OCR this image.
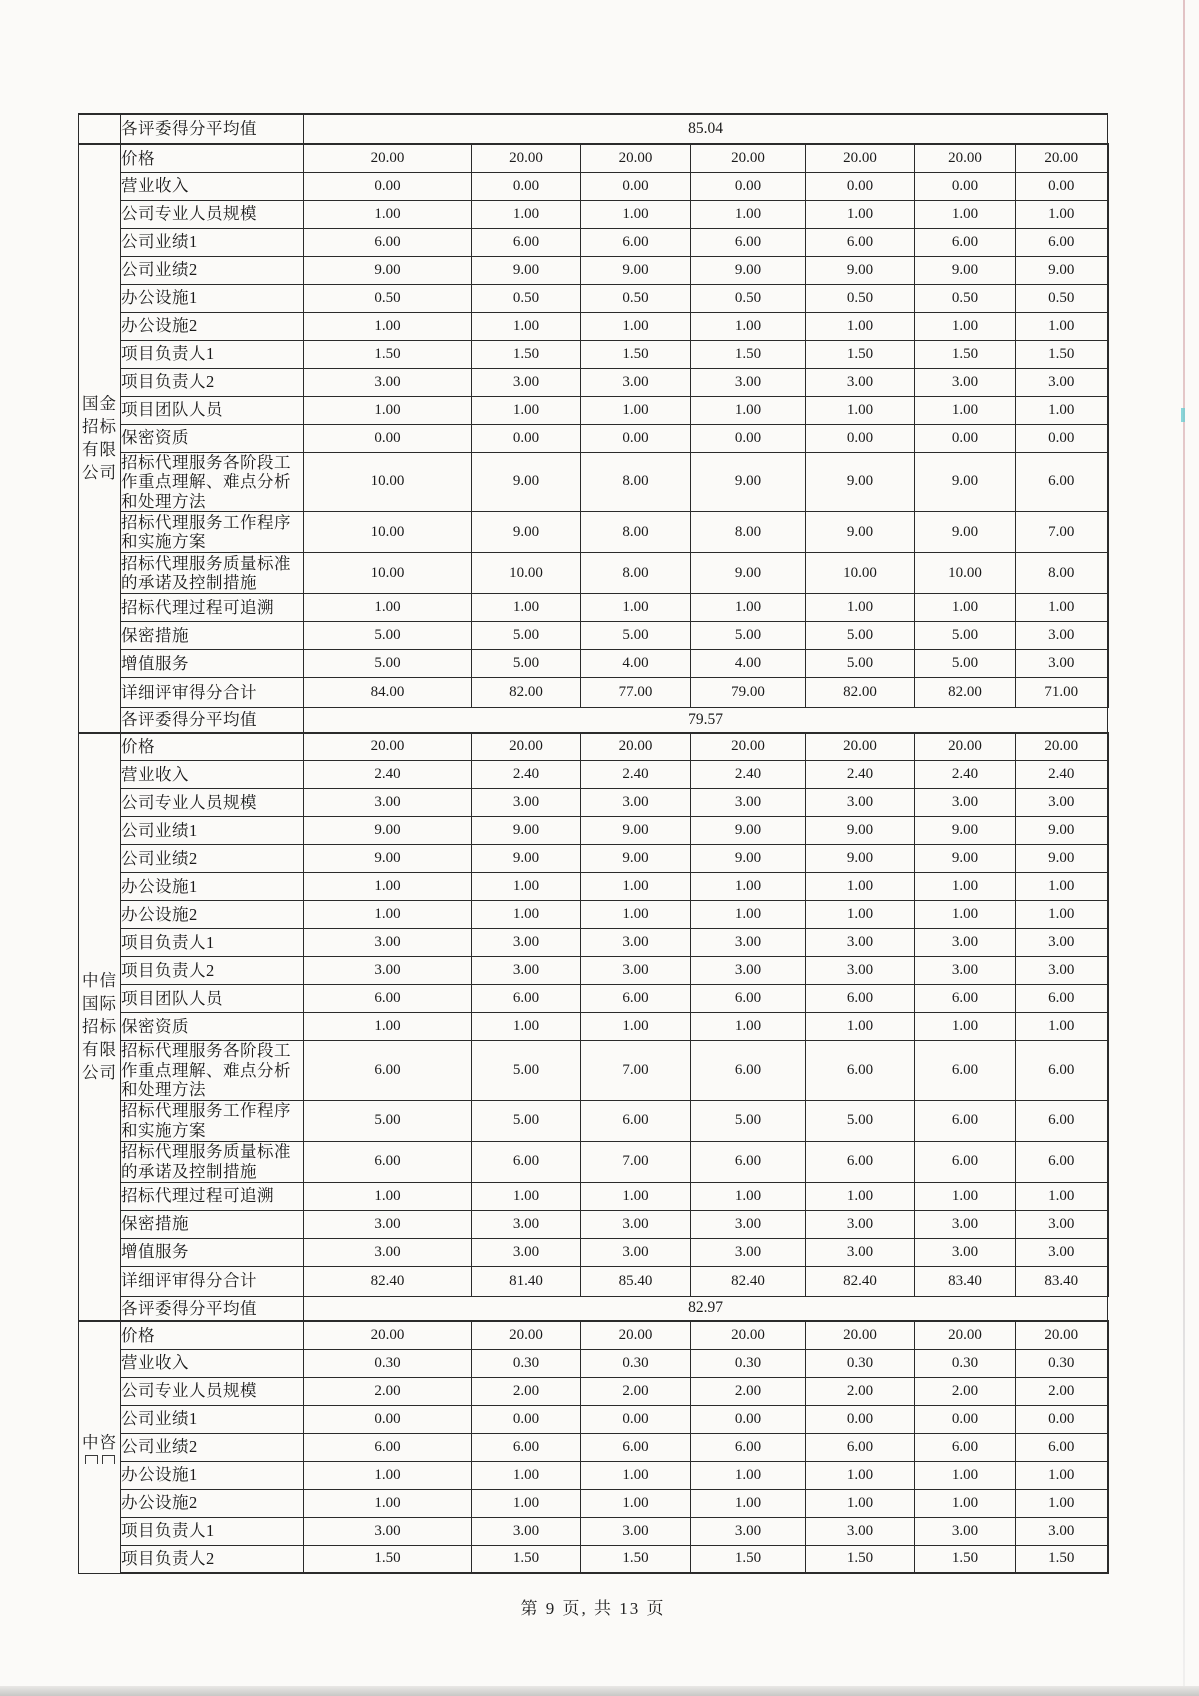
	各评委得分平均值	85.04						

国金
招标
有限
公司	价格	20.00	20.00	20.00	20.00	20.00	20.00	20.00
	营业收入	0.00	0.00	0.00	0.00	0.00	0.00	0.00
	公司专业人员规模	1.00	1.00	1.00	1.00	1.00	1.00	1.00
	公司业绩1	6.00	6.00	6.00	6.00	6.00	6.00	6.00
	公司业绩2	9.00	9.00	9.00	9.00	9.00	9.00	9.00
	办公设施1	0.50	0.50	0.50	0.50	0.50	0.50	0.50
	办公设施2	1.00	1.00	1.00	1.00	1.00	1.00	1.00
	项目负责人1	1.50	1.50	1.50	1.50	1.50	1.50	1.50
	项目负责人2	3.00	3.00	3.00	3.00	3.00	3.00	3.00
	项目团队人员	1.00	1.00	1.00	1.00	1.00	1.00	1.00
	保密资质	0.00	0.00	0.00	0.00	0.00	0.00	0.00
	招标代理服务各阶段工作重点理解、难点分析和处理方法	10.00	9.00	8.00	9.00	9.00	9.00	6.00
	招标代理服务工作程序和实施方案	10.00	9.00	8.00	8.00	9.00	9.00	7.00
	招标代理服务质量标准的承诺及控制措施	10.00	10.00	8.00	9.00	10.00	10.00	8.00
	招标代理过程可追溯	1.00	1.00	1.00	1.00	1.00	1.00	1.00
	保密措施	5.00	5.00	5.00	5.00	5.00	5.00	3.00
	增值服务	5.00	5.00	4.00	4.00	5.00	5.00	3.00
	详细评审得分合计	84.00	82.00	77.00	79.00	82.00	82.00	71.00
	各评委得分平均值	79.57						

中信
国际
招标
有限
公司	价格	20.00	20.00	20.00	20.00	20.00	20.00	20.00
	营业收入	2.40	2.40	2.40	2.40	2.40	2.40	2.40
	公司专业人员规模	3.00	3.00	3.00	3.00	3.00	3.00	3.00
	公司业绩1	9.00	9.00	9.00	9.00	9.00	9.00	9.00
	公司业绩2	9.00	9.00	9.00	9.00	9.00	9.00	9.00
	办公设施1	1.00	1.00	1.00	1.00	1.00	1.00	1.00
	办公设施2	1.00	1.00	1.00	1.00	1.00	1.00	1.00
	项目负责人1	3.00	3.00	3.00	3.00	3.00	3.00	3.00
	项目负责人2	3.00	3.00	3.00	3.00	3.00	3.00	3.00
	项目团队人员	6.00	6.00	6.00	6.00	6.00	6.00	6.00
	保密资质	1.00	1.00	1.00	1.00	1.00	1.00	1.00
	招标代理服务各阶段工作重点理解、难点分析和处理方法	6.00	5.00	7.00	6.00	6.00	6.00	6.00
	招标代理服务工作程序和实施方案	5.00	5.00	6.00	5.00	5.00	6.00	6.00
	招标代理服务质量标准的承诺及控制措施	6.00	6.00	7.00	6.00	6.00	6.00	6.00
	招标代理过程可追溯	1.00	1.00	1.00	1.00	1.00	1.00	1.00
	保密措施	3.00	3.00	3.00	3.00	3.00	3.00	3.00
	增值服务	3.00	3.00	3.00	3.00	3.00	3.00	3.00
	详细评审得分合计	82.40	81.40	85.40	82.40	82.40	83.40	83.40
	各评委得分平均值	82.97						

中咨	价格	20.00	20.00	20.00	20.00	20.00	20.00	20.00
	营业收入	0.30	0.30	0.30	0.30	0.30	0.30	0.30
	公司专业人员规模	2.00	2.00	2.00	2.00	2.00	2.00	2.00
	公司业绩1	0.00	0.00	0.00	0.00	0.00	0.00	0.00
	公司业绩2	6.00	6.00	6.00	6.00	6.00	6.00	6.00
	办公设施1	1.00	1.00	1.00	1.00	1.00	1.00	1.00
	办公设施2	1.00	1.00	1.00	1.00	1.00	1.00	1.00
	项目负责人1	3.00	3.00	3.00	3.00	3.00	3.00	3.00
	项目负责人2	1.50	1.50	1.50	1.50	1.50	1.50	1.50
第 9 页, 共 13 页
